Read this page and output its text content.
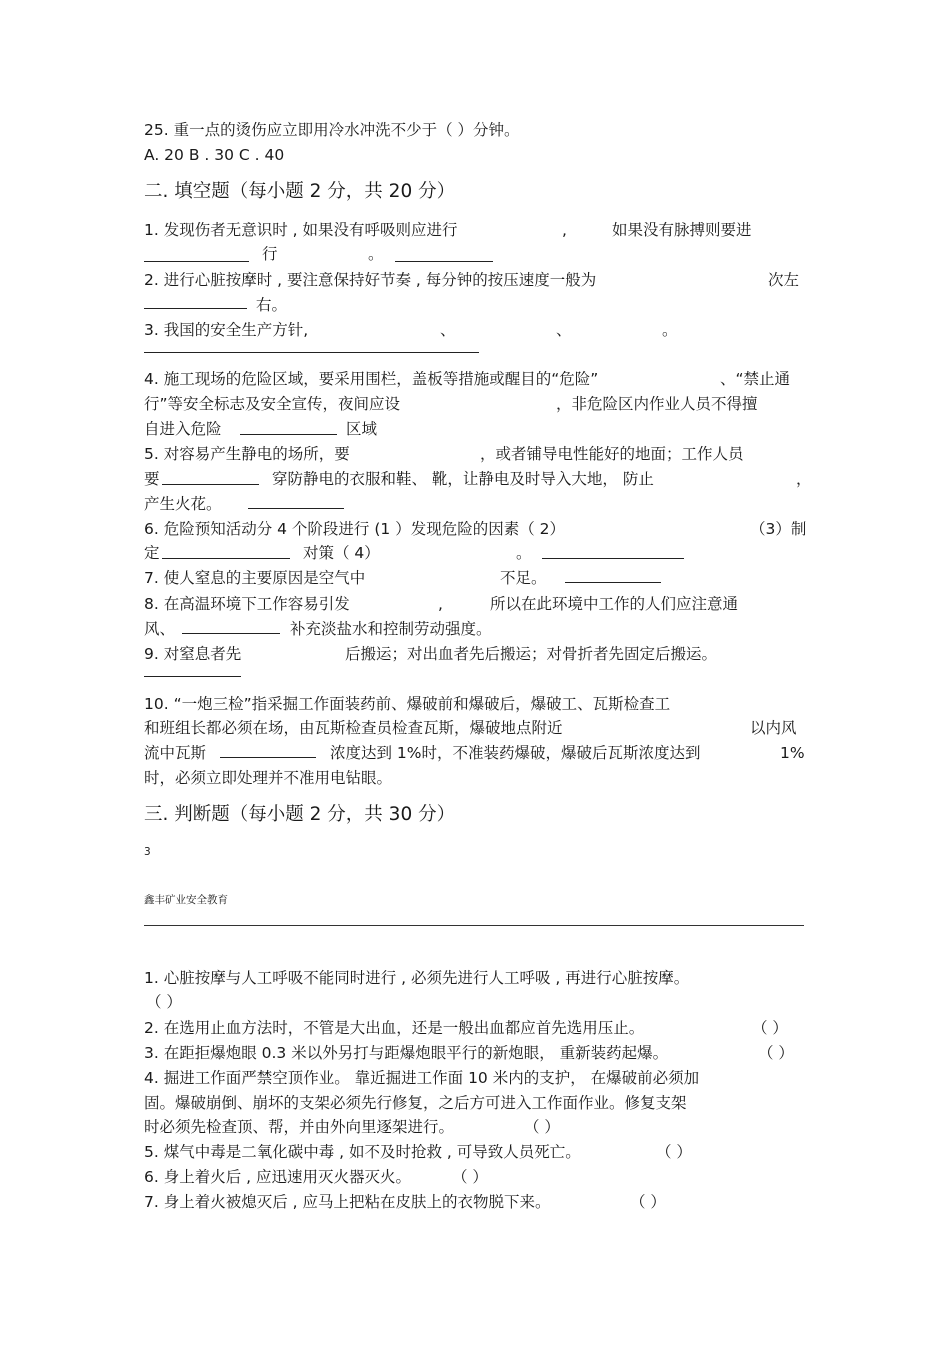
25. 重一点的烫伤应立即用冷水冲洗不少于（ ）分钟。
A. 20 B . 30 C . 40
二. 填空题（每小题 2 分，共 20 分）
1. 发现伤者无意识时 , 如果没有呼吸则应进行	,	如果没有脉搏则要进
行	。
2. 进行心脏按摩时 , 要注意保持好节奏 , 每分钟的按压速度一般为	次左
右。
3. 我国的安全生产方针,	、	、	。
4. 施工现场的危险区域，要采用围栏，盖板等措施或醒目的“危险”	、“禁止通
行”等安全标志及安全宣传，夜间应设	，非危险区内作业人员不得擅
自进入危险	区域
5. 对容易产生静电的场所，要	，或者铺导电性能好的地面；工作人员
要	穿防静电的衣服和鞋、 靴，让静电及时导入大地， 防止	，
产生火花。
6. 危险预知活动分 4 个阶段进行 (1 ）发现危险的因素（ 2）	（3）制
定	对策（ 4）	。
7. 使人窒息的主要原因是空气中	不足。
8. 在高温环境下工作容易引发	,	所以在此环境中工作的人们应注意通
风、	补充淡盐水和控制劳动强度。
9. 对窒息者先	后搬运；对出血者先后搬运；对骨折者先固定后搬运。
10. “一炮三检”指采掘工作面装药前、爆破前和爆破后，爆破工、瓦斯检查工
和班组长都必须在场，由瓦斯检查员检查瓦斯，爆破地点附近	以内风
流中瓦斯	浓度达到 1%时，不准装药爆破，爆破后瓦斯浓度达到	1%
时，必须立即处理并不准用电钻眼。
三. 判断题（每小题 2 分，共 30 分）
3
鑫丰矿业安全教育
1. 心脏按摩与人工呼吸不能同时进行 , 必须先进行人工呼吸 , 再进行心脏按摩。
（ ）
2. 在选用止血方法时，不管是大出血，还是一般出血都应首先选用压止。	（ ）
3. 在距拒爆炮眼 0.3 米以外另打与距爆炮眼平行的新炮眼， 重新装药起爆。	（ ）
4. 掘进工作面严禁空顶作业。 靠近掘进工作面 10 米内的支护， 在爆破前必须加
固。爆破崩倒、崩坏的支架必须先行修复，之后方可进入工作面作业。修复支架
时必须先检查顶、帮，并由外向里逐架进行。	（ ）
5. 煤气中毒是二氧化碳中毒 , 如不及时抢救 , 可导致人员死亡。	（ ）
6. 身上着火后 , 应迅速用灭火器灭火。	（ ）
7. 身上着火被熄灭后 , 应马上把粘在皮肤上的衣物脱下来。	（ ）
